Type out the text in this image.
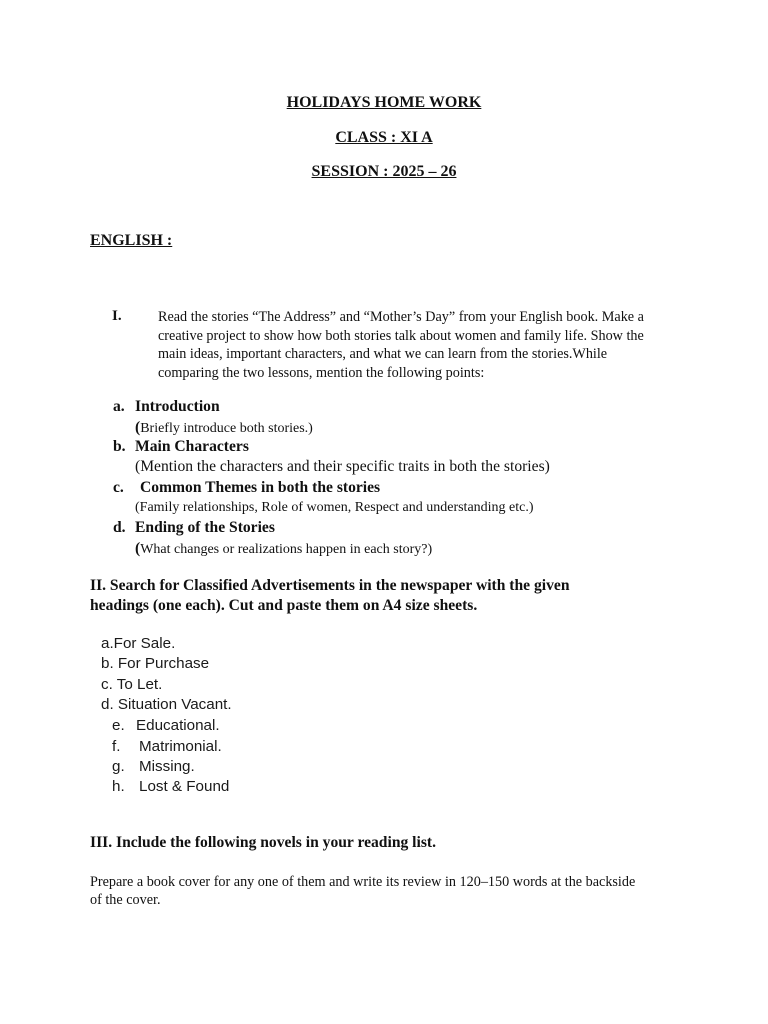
HOLIDAYS HOME WORK
CLASS : XI A
SESSION : 2025 – 26
ENGLISH :
I.	Read the stories “The Address” and “Mother’s Day” from your English book. Make a
creative project to show how both stories talk about women and family life. Show the
main ideas, important characters, and what we can learn from the stories.While
comparing the two lessons, mention the following points:
a. Introduction
(Briefly introduce both stories.)
b. Main Characters
(Mention the characters and their specific traits in both the stories)
c. Common Themes in both the stories
(Family relationships, Role of women, Respect and understanding etc.)
d. Ending of the Stories
(What changes or realizations happen in each story?)
II. Search for Classified Advertisements in the newspaper with the given
headings (one each). Cut and paste them on A4 size sheets.
a.For Sale.
b. For Purchase
c. To Let.
d. Situation Vacant.
e. Educational.
f. Matrimonial.
g. Missing.
h. Lost & Found
III. Include the following novels in your reading list.
Prepare a book cover for any one of them and write its review in 120–150 words at the backside
of the cover.
